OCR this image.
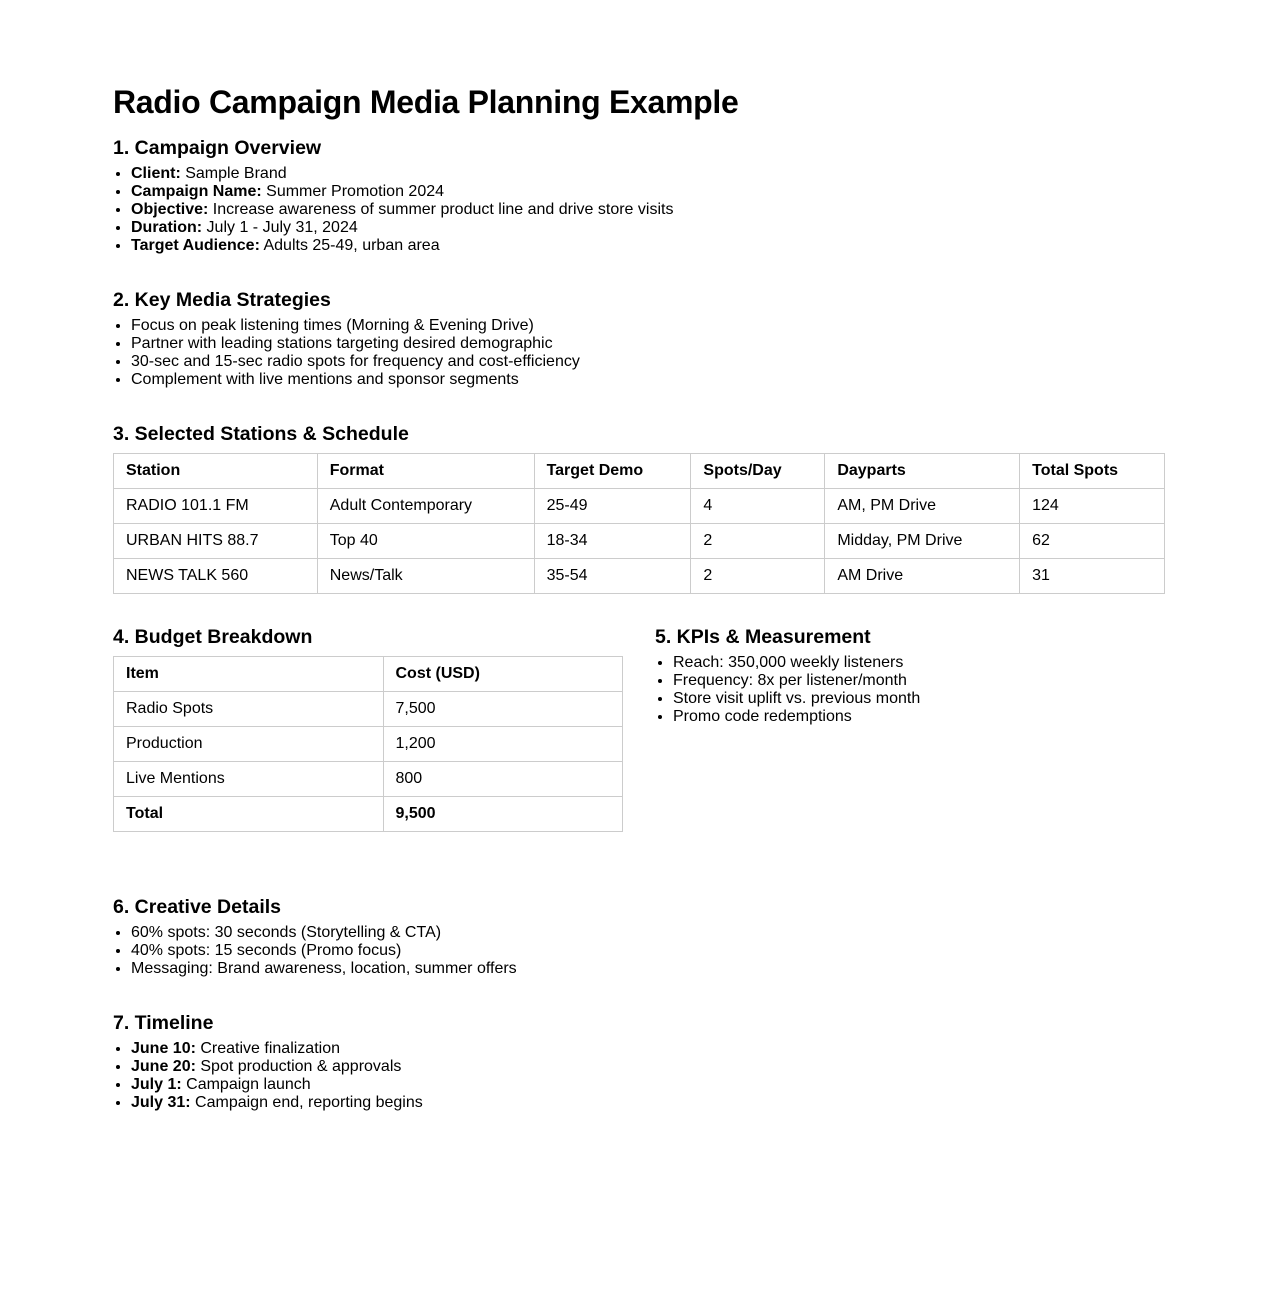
Radio Campaign Media Planning Example
1. Campaign Overview
• Client: Sample Brand
• Campaign Name: Summer Promotion 2024
• Objective: Increase awareness of summer product line and drive store visits
• Duration: July 1 - July 31, 2024
• Target Audience: Adults 25-49, urban area
2. Key Media Strategies
• Focus on peak listening times (Morning & Evening Drive)
• Partner with leading stations targeting desired demographic
• 30-sec and 15-sec radio spots for frequency and cost-efficiency
• Complement with live mentions and sponsor segments
3. Selected Stations & Schedule
Station	Format	Target Demo	Spots/Day	Dayparts	Total Spots
RADIO 101.1 FM	Adult Contemporary	25-49	4	AM, PM Drive	124
URBAN HITS 88.7	Top 40	18-34	2	Midday, PM Drive	62
NEWS TALK 560	News/Talk	35-54	2	AM Drive	31
4. Budget Breakdown
Item	Cost (USD)
Radio Spots	7,500
Production	1,200
Live Mentions	800
Total	9,500
5. KPIs & Measurement
• Reach: 350,000 weekly listeners
• Frequency: 8x per listener/month
• Store visit uplift vs. previous month
• Promo code redemptions
6. Creative Details
• 60% spots: 30 seconds (Storytelling & CTA)
• 40% spots: 15 seconds (Promo focus)
• Messaging: Brand awareness, location, summer offers
7. Timeline
• June 10: Creative finalization
• June 20: Spot production & approvals
• July 1: Campaign launch
• July 31: Campaign end, reporting begins
